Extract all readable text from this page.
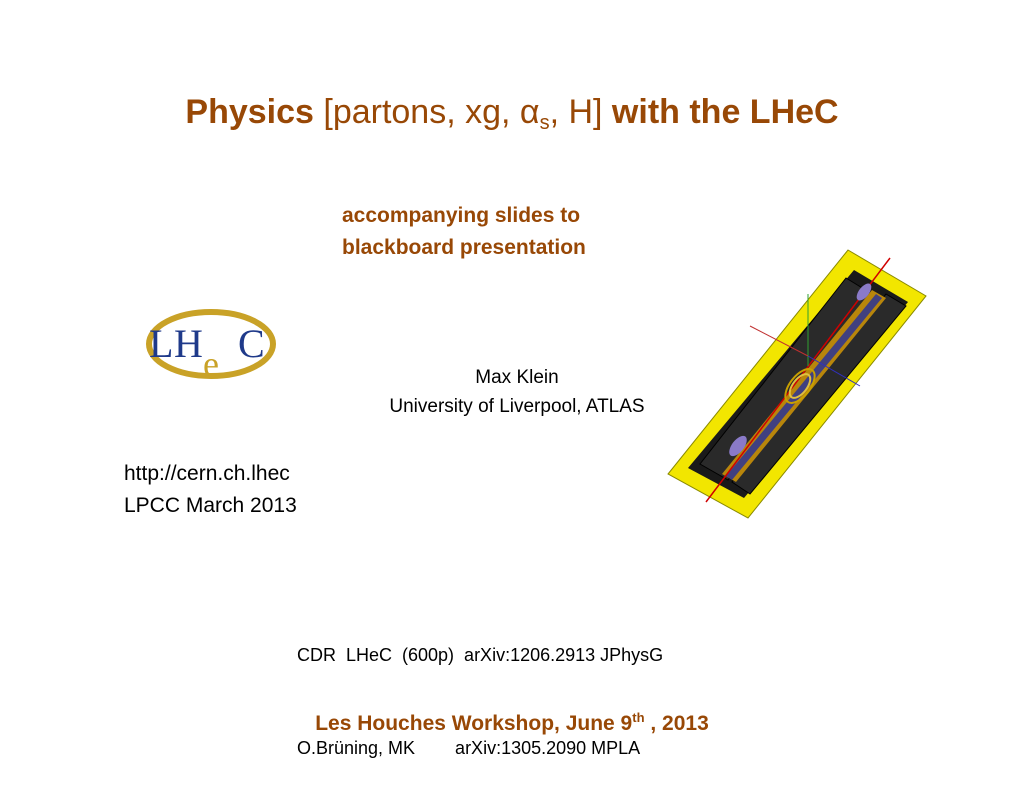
Physics [partons, xg, $\alpha_s$, H] with the LHeC
accompanying slides to
blackboard presentation
L H e C
Max Klein
University of Liverpool, ATLAS
http://cern.ch.lhec
LPCC March 2013

CDR  LHeC  (600p)  arXiv:1206.2913 JPhysG

O.Brüning, MK        arXiv:1305.2090 MPLA

Les Houches Workshop, June 9th , 2013
